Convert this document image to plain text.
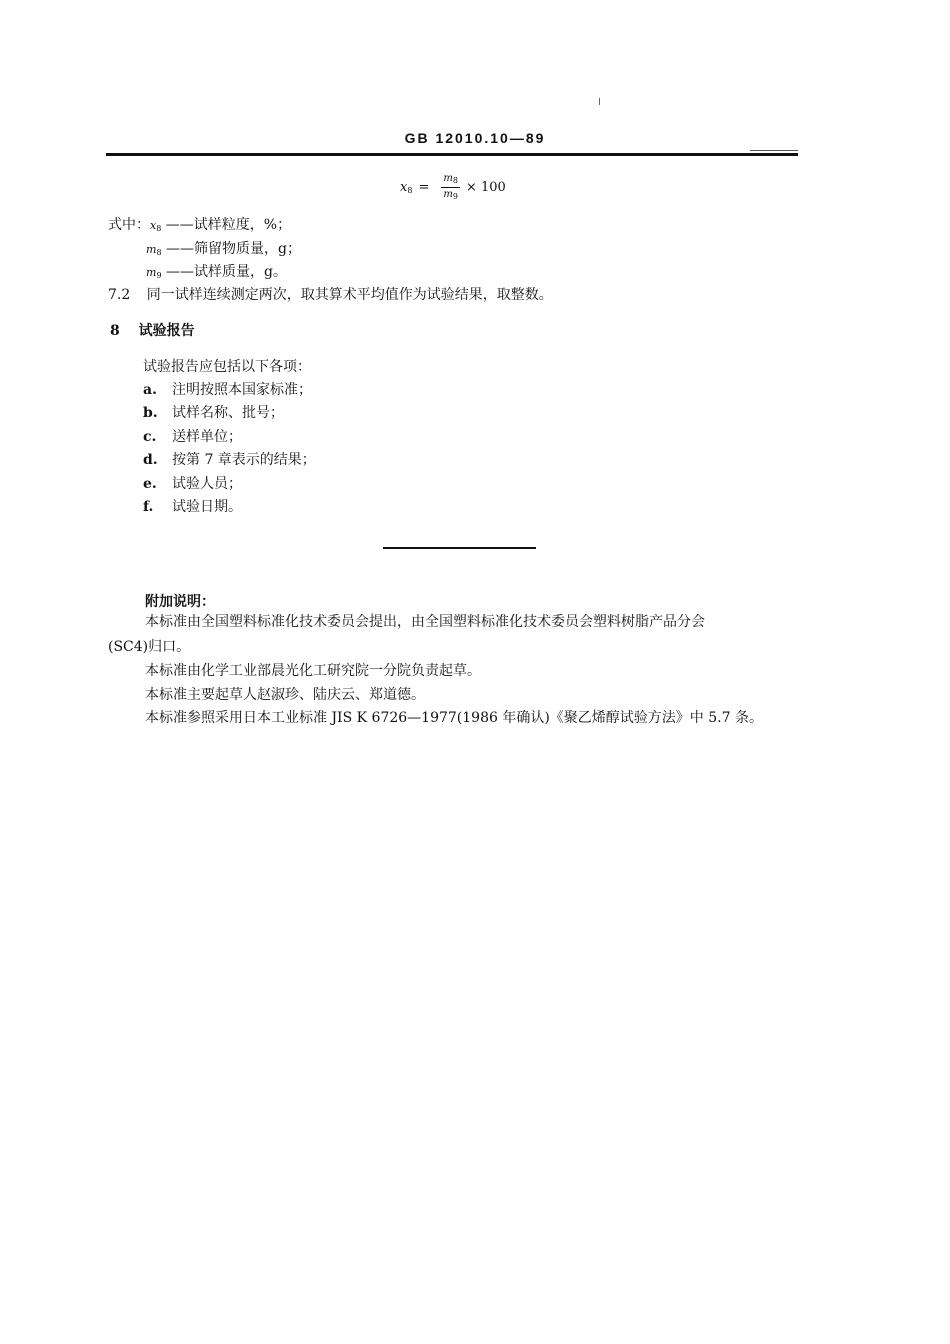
GB 12010.10—89
$x_8 = \frac{m_8}{m_9} \times 100$
式中： $x_8$ ——试样粒度，%；
$m_8$ ——筛留物质量，g；
$m_9$ ——试样质量，g。
7.2 同一试样连续测定两次，取其算术平均值作为试验结果，取整数。
8 试验报告
试验报告应包括以下各项：
a. 注明按照本国家标准；
b. 试样名称、批号；
c. 送样单位；
d. 按第 7 章表示的结果；
e. 试验人员；
f. 试验日期。
附加说明：
本标准由全国塑料标准化技术委员会提出，由全国塑料标准化技术委员会塑料树脂产品分会
(SC4)归口。
本标准由化学工业部晨光化工研究院一分院负责起草。
本标准主要起草人赵淑珍、陆庆云、郑道德。
本标准参照采用日本工业标准 JIS K 6726—1977(1986 年确认)《聚乙烯醇试验方法》中 5.7 条。
